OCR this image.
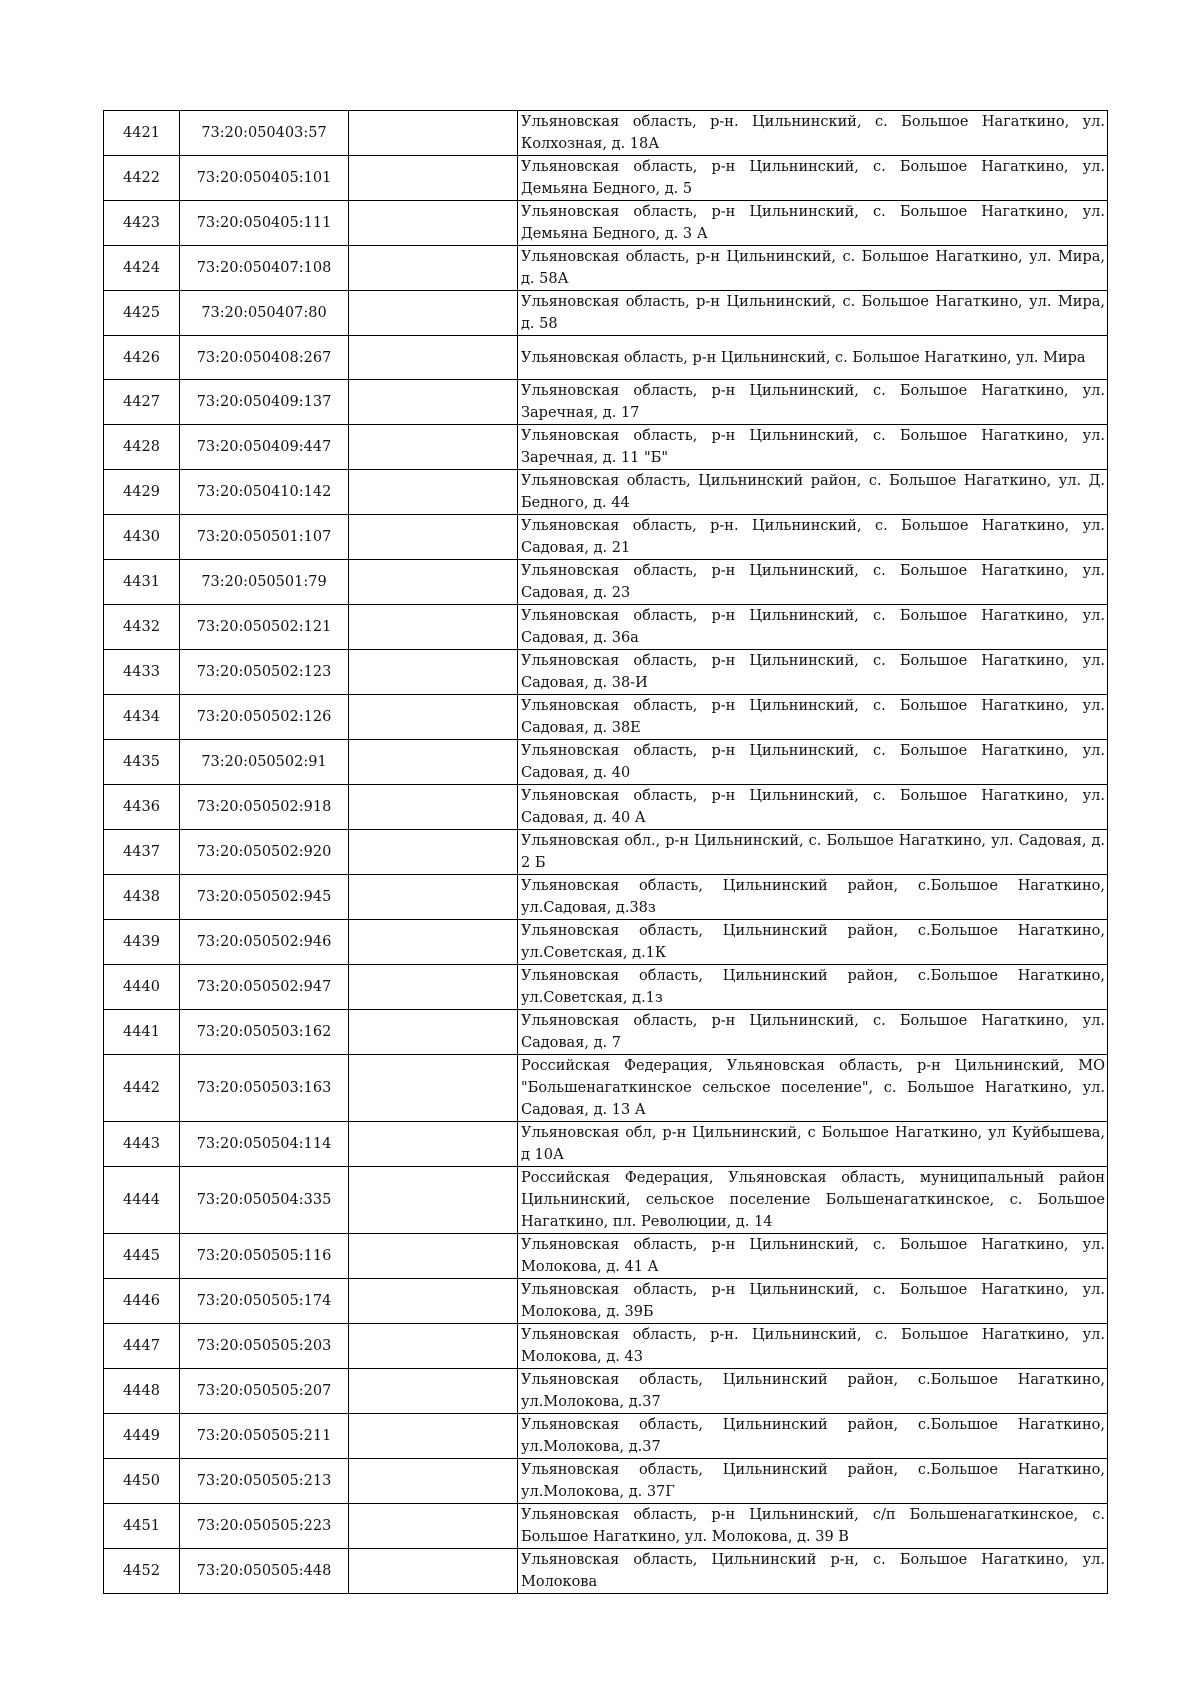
4421	73:20:050403:57		Ульяновская область, р-н. Цильнинский, с. Большое Нагаткино, ул. Колхозная, д. 18А
4422	73:20:050405:101		Ульяновская область, р-н Цильнинский, с. Большое Нагаткино, ул. Демьяна Бедного, д. 5
4423	73:20:050405:111		Ульяновская область, р-н Цильнинский, с. Большое Нагаткино, ул. Демьяна Бедного, д. 3 А
4424	73:20:050407:108		Ульяновская область, р-н Цильнинский, с. Большое Нагаткино, ул. Мира, д. 58А
4425	73:20:050407:80		Ульяновская область, р-н Цильнинский, с. Большое Нагаткино, ул. Мира, д. 58
4426	73:20:050408:267		Ульяновская область, р-н Цильнинский, с. Большое Нагаткино, ул. Мира
4427	73:20:050409:137		Ульяновская область, р-н Цильнинский, с. Большое Нагаткино, ул. Заречная, д. 17
4428	73:20:050409:447		Ульяновская область, р-н Цильнинский, с. Большое Нагаткино, ул. Заречная, д. 11 "Б"
4429	73:20:050410:142		Ульяновская область, Цильнинский район, с. Большое Нагаткино, ул. Д. Бедного, д. 44
4430	73:20:050501:107		Ульяновская область, р-н. Цильнинский, с. Большое Нагаткино, ул. Садовая, д. 21
4431	73:20:050501:79		Ульяновская область, р-н Цильнинский, с. Большое Нагаткино, ул. Садовая, д. 23
4432	73:20:050502:121		Ульяновская область, р-н Цильнинский, с. Большое Нагаткино, ул. Садовая, д. 36а
4433	73:20:050502:123		Ульяновская область, р-н Цильнинский, с. Большое Нагаткино, ул. Садовая, д. 38-И
4434	73:20:050502:126		Ульяновская область, р-н Цильнинский, с. Большое Нагаткино, ул. Садовая, д. 38Е
4435	73:20:050502:91		Ульяновская область, р-н Цильнинский, с. Большое Нагаткино, ул. Садовая, д. 40
4436	73:20:050502:918		Ульяновская область, р-н Цильнинский, с. Большое Нагаткино, ул. Садовая, д. 40 А
4437	73:20:050502:920		Ульяновская обл., р-н Цильнинский, с. Большое Нагаткино, ул. Садовая, д. 2 Б
4438	73:20:050502:945		Ульяновская область, Цильнинский район, с.Большое Нагаткино, ул.Садовая, д.38з
4439	73:20:050502:946		Ульяновская область, Цильнинский район, с.Большое Нагаткино, ул.Советская, д.1К
4440	73:20:050502:947		Ульяновская область, Цильнинский район, с.Большое Нагаткино, ул.Советская, д.1з
4441	73:20:050503:162		Ульяновская область, р-н Цильнинский, с. Большое Нагаткино, ул. Садовая, д. 7
4442	73:20:050503:163		Российская Федерация, Ульяновская область, р-н Цильнинский, МО "Большенагаткинское сельское поселение", с. Большое Нагаткино, ул. Садовая, д. 13 А
4443	73:20:050504:114		Ульяновская обл, р-н Цильнинский, с Большое Нагаткино, ул Куйбышева, д 10А
4444	73:20:050504:335		Российская Федерация, Ульяновская область, муниципальный район Цильнинский, сельское поселение Большенагаткинское, с. Большое Нагаткино, пл. Революции, д. 14
4445	73:20:050505:116		Ульяновская область, р-н Цильнинский, с. Большое Нагаткино, ул. Молокова, д. 41 А
4446	73:20:050505:174		Ульяновская область, р-н Цильнинский, с. Большое Нагаткино, ул. Молокова, д. 39Б
4447	73:20:050505:203		Ульяновская область, р-н. Цильнинский, с. Большое Нагаткино, ул. Молокова, д. 43
4448	73:20:050505:207		Ульяновская область, Цильнинский район, с.Большое Нагаткино, ул.Молокова, д.37
4449	73:20:050505:211		Ульяновская область, Цильнинский район, с.Большое Нагаткино, ул.Молокова, д.37
4450	73:20:050505:213		Ульяновская область, Цильнинский район, с.Большое Нагаткино, ул.Молокова, д. 37Г
4451	73:20:050505:223		Ульяновская область, р-н Цильнинский, с/п Большенагаткинское, с. Большое Нагаткино, ул. Молокова, д. 39 В
4452	73:20:050505:448		Ульяновская область, Цильнинский р-н, с. Большое Нагаткино, ул. Молокова
